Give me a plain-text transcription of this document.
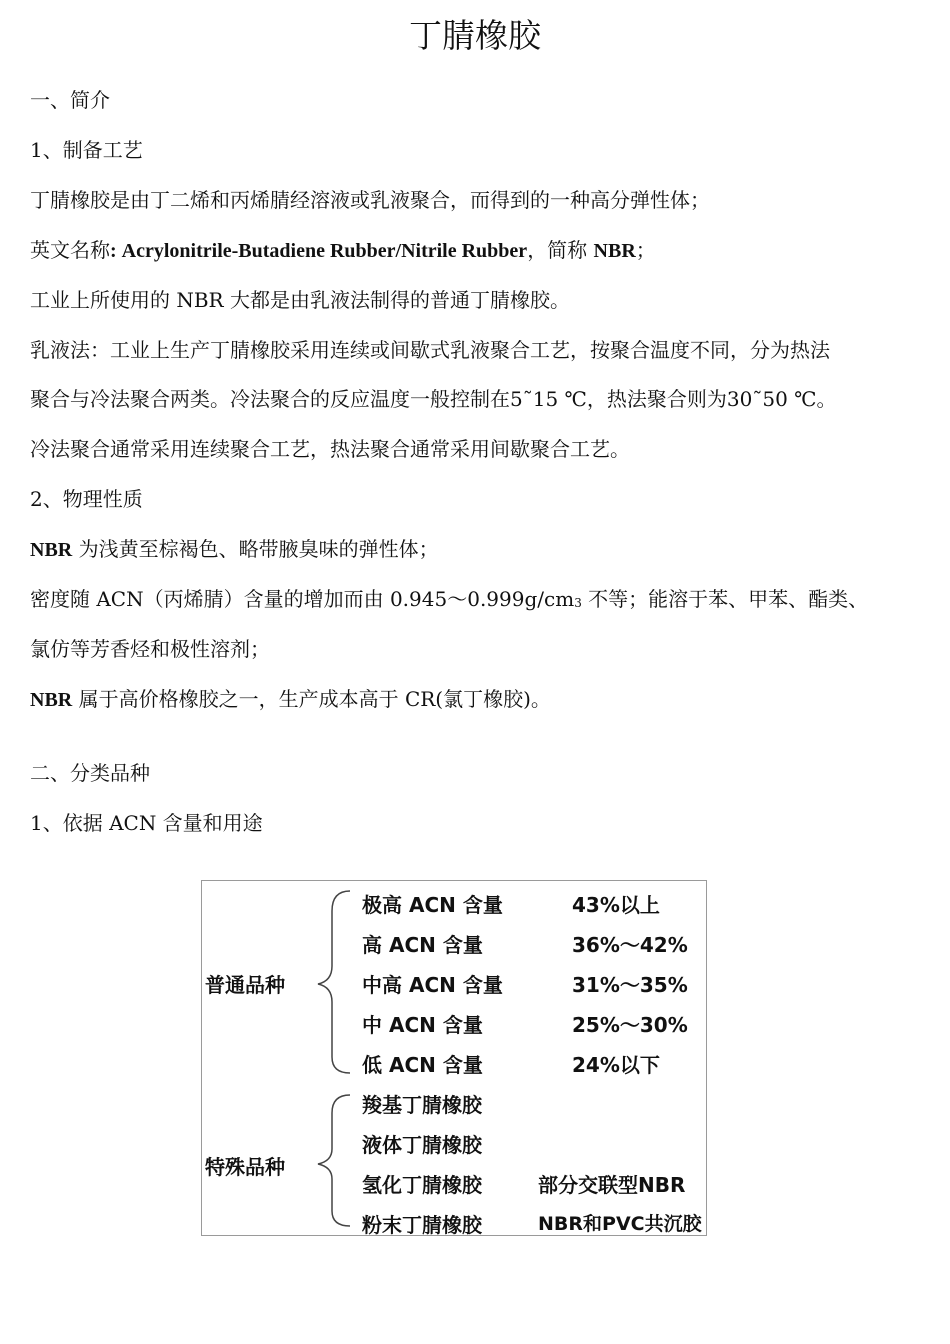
丁腈橡胶
一、简介
1、制备工艺
丁腈橡胶是由丁二烯和丙烯腈经溶液或乳液聚合，而得到的一种高分弹性体；
英文名称: Acrylonitrile-Butadiene Rubber/Nitrile Rubber，简称 NBR；
工业上所使用的 NBR 大都是由乳液法制得的普通丁腈橡胶。
乳液法：工业上生产丁腈橡胶采用连续或间歇式乳液聚合工艺，按聚合温度不同，分为热法
聚合与冷法聚合两类。冷法聚合的反应温度一般控制在5˜15 ℃，热法聚合则为30˜50 ℃。
冷法聚合通常采用连续聚合工艺，热法聚合通常采用间歇聚合工艺。
2、物理性质
NBR 为浅黄至棕褐色、略带腋臭味的弹性体；
密度随 ACN（丙烯腈）含量的增加而由 $0.945\sim 0.999g/cm_3$ 不等；能溶于苯、甲苯、酯类、
氯仿等芳香烃和极性溶剂；
NBR 属于高价格橡胶之一，生产成本高于 CR(氯丁橡胶)。
二、分类品种
1、依据 ACN 含量和用途
普通品种
极高 ACN 含量	43%以上
高 ACN 含量	36%～42%
中高 ACN 含量	31%～35%
中 ACN 含量	25%～30%
低 ACN 含量	24%以下
特殊品种
羧基丁腈橡胶
液体丁腈橡胶
氢化丁腈橡胶	部分交联型NBR
粉末丁腈橡胶	NBR和PVC共沉胶
